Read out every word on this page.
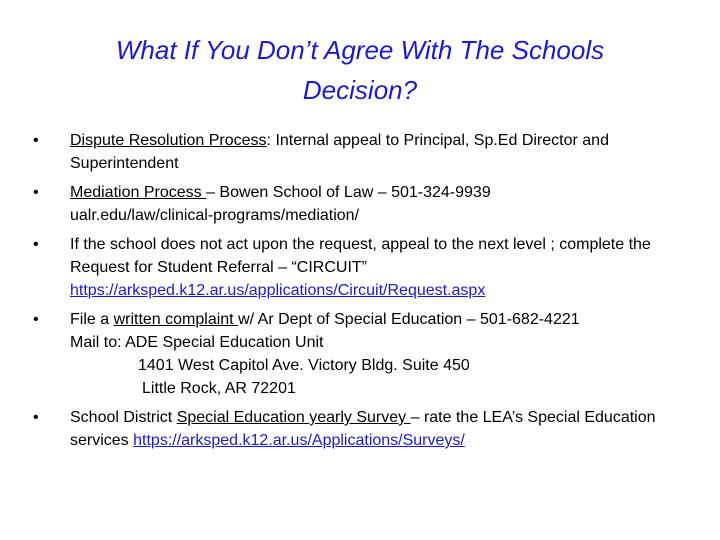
What If You Don’t Agree With The Schools
Decision?
• Dispute Resolution Process: Internal appeal to Principal, Sp.Ed Director and Superintendent
• Mediation Process – Bowen School of Law – 501-324-9939
ualr.edu/law/clinical-programs/mediation/
• If the school does not act upon the request, appeal to the next level ; complete the Request for Student Referral – “CIRCUIT”
https://arksped.k12.ar.us/applications/Circuit/Request.aspx
• File a written complaint w/ Ar Dept of Special Education – 501-682-4221
Mail to: ADE Special Education Unit
1401 West Capitol Ave. Victory Bldg. Suite 450
Little Rock, AR 72201
• School District Special Education yearly Survey – rate the LEA’s Special Education services https://arksped.k12.ar.us/Applications/Surveys/
